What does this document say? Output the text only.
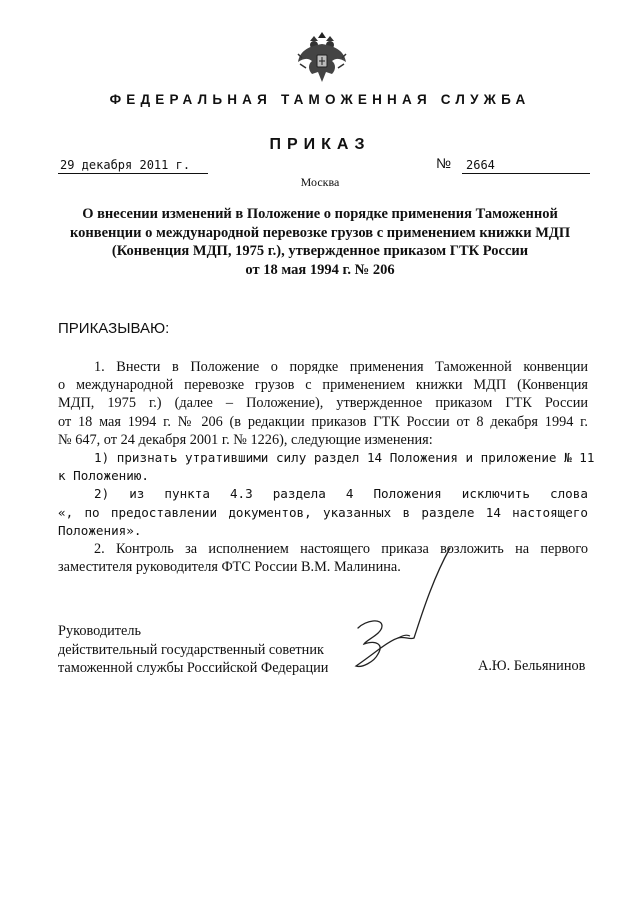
ФЕДЕРАЛЬНАЯ ТАМОЖЕННАЯ СЛУЖБА
ПРИКАЗ
29 декабря 2011 г.	№	2664
Москва
О внесении изменений в Положение о порядке применения Таможенной
конвенции о международной перевозке грузов с применением книжки МДП
(Конвенция МДП, 1975 г.), утвержденное приказом ГТК России
от 18 мая 1994 г. № 206
ПРИКАЗЫВАЮ:
1. Внести в Положение о порядке применения Таможенной конвенции
о международной перевозке грузов с применением книжки МДП (Конвенция
МДП, 1975 г.) (далее – Положение), утвержденное приказом ГТК России
от 18 мая 1994 г. № 206 (в редакции приказов ГТК России от 8 декабря 1994 г.
№ 647, от 24 декабря 2001 г. № 1226), следующие изменения:
1) признать утратившими силу раздел 14 Положения и приложение № 11
к Положению.
2) из пункта 4.3 раздела 4 Положения исключить слова
«, по предоставлении документов, указанных в разделе 14 настоящего
Положения».
2. Контроль за исполнением настоящего приказа возложить на первого
заместителя руководителя ФТС России В.М. Малинина.
Руководитель
действительный государственный советник
таможенной службы Российской Федерации	А.Ю. Бельянинов
